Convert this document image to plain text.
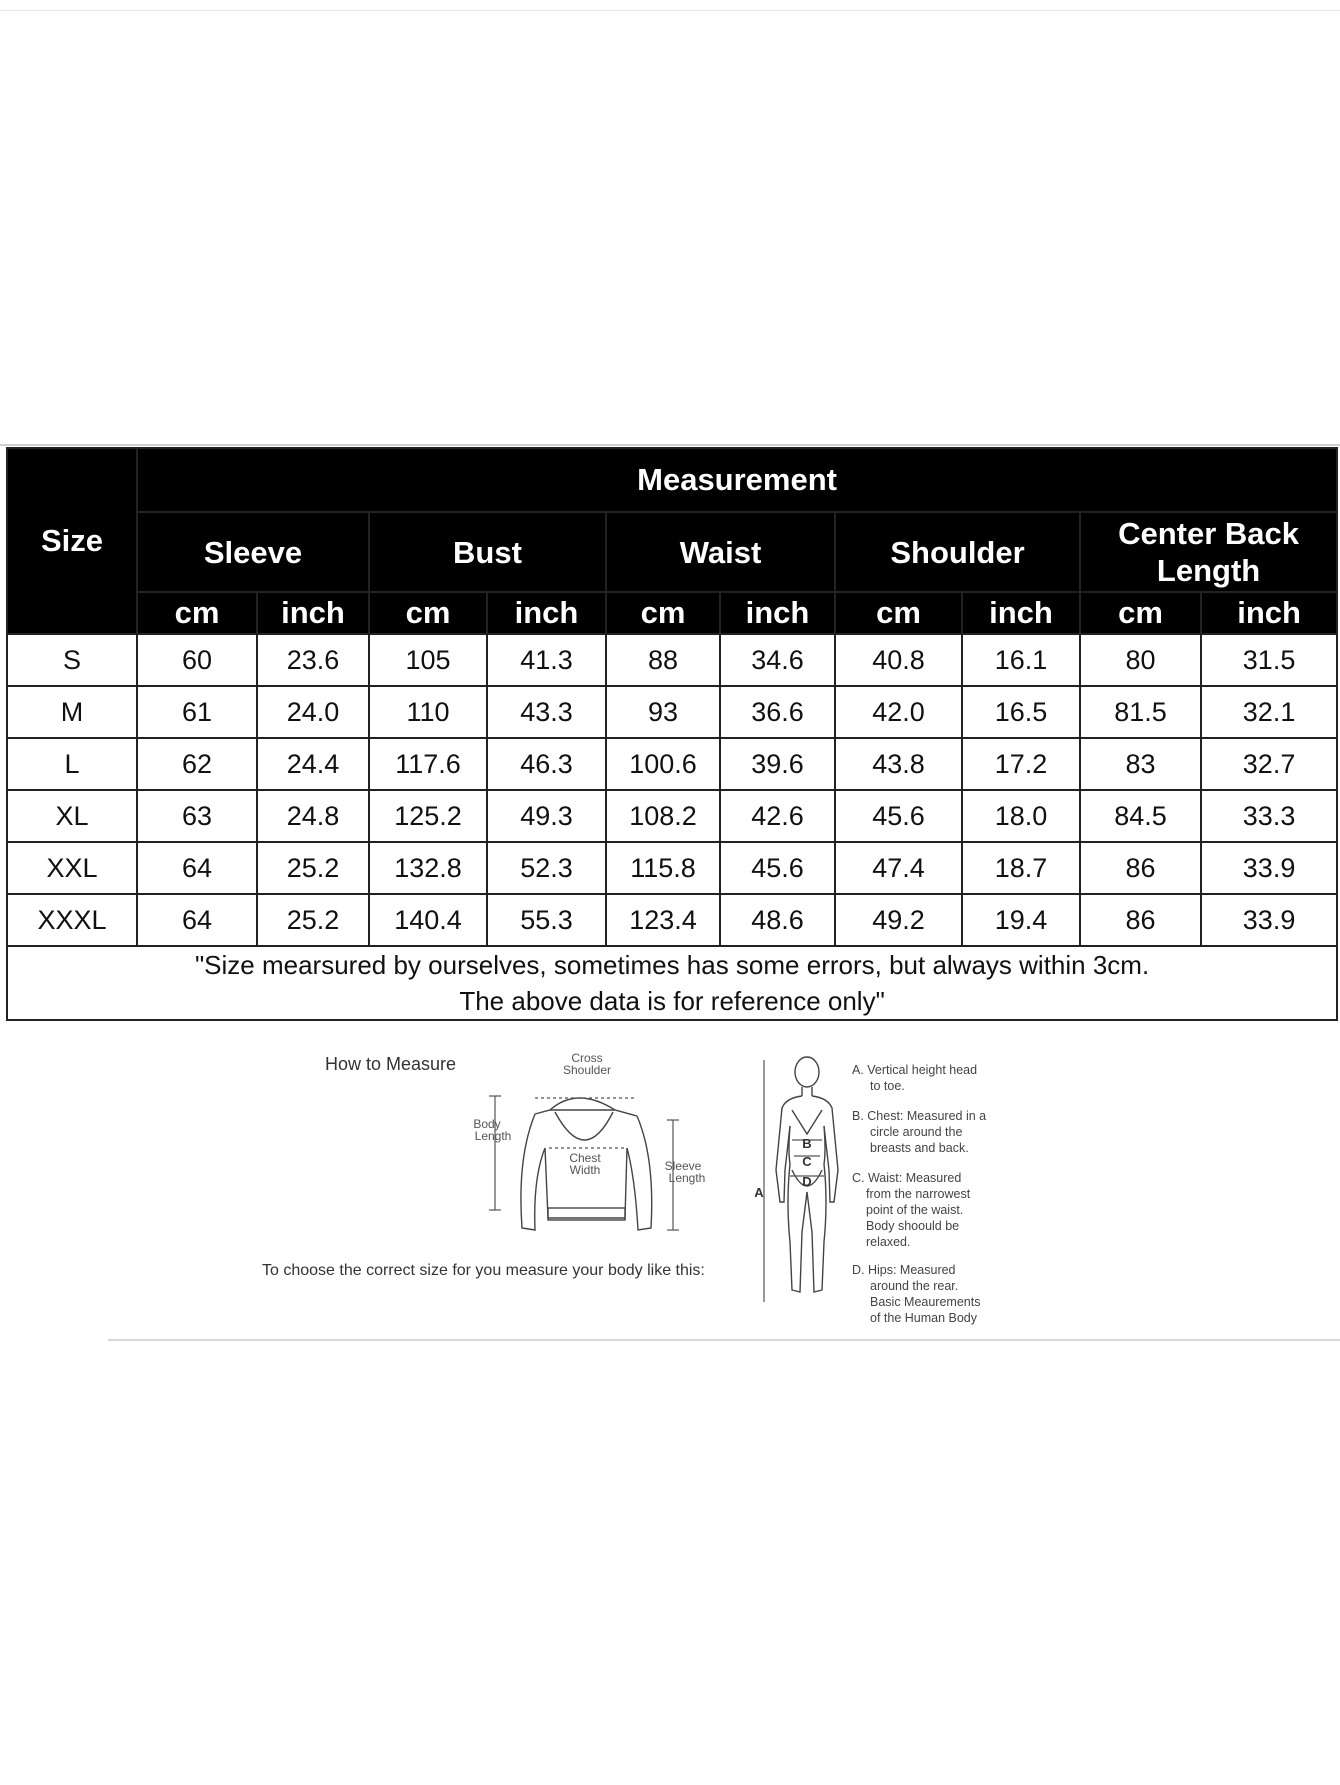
Size	Measurement									
	Sleeve		Bust		Waist		Shoulder		Center Back Length	
	cm	inch	cm	inch	cm	inch	cm	inch	cm	inch
S	60	23.6	105	41.3	88	34.6	40.8	16.1	80	31.5
M	61	24.0	110	43.3	93	36.6	42.0	16.5	81.5	32.1
L	62	24.4	117.6	46.3	100.6	39.6	43.8	17.2	83	32.7
XL	63	24.8	125.2	49.3	108.2	42.6	45.6	18.0	84.5	33.3
XXL	64	25.2	132.8	52.3	115.8	45.6	47.4	18.7	86	33.9
XXXL	64	25.2	140.4	55.3	123.4	48.6	49.2	19.4	86	33.9

"Size mearsured by ourselves, sometimes has some errors, but always within 3cm.
The above data is for reference only"										
How to Measure	Cross
Shoulder
Body
Length
Chest
Width	Sleeve
Length
A
B
C
D
A. Vertical height head
to toe.
B. Chest: Measured in a
circle around the
breasts and back.
C. Waist: Measured
from the narrowest
point of the waist.
Body shoould be
relaxed.
D. Hips: Measured
around the rear.
Basic Meaurements
of the Human Body
To choose the correct size for you measure your body like this:
